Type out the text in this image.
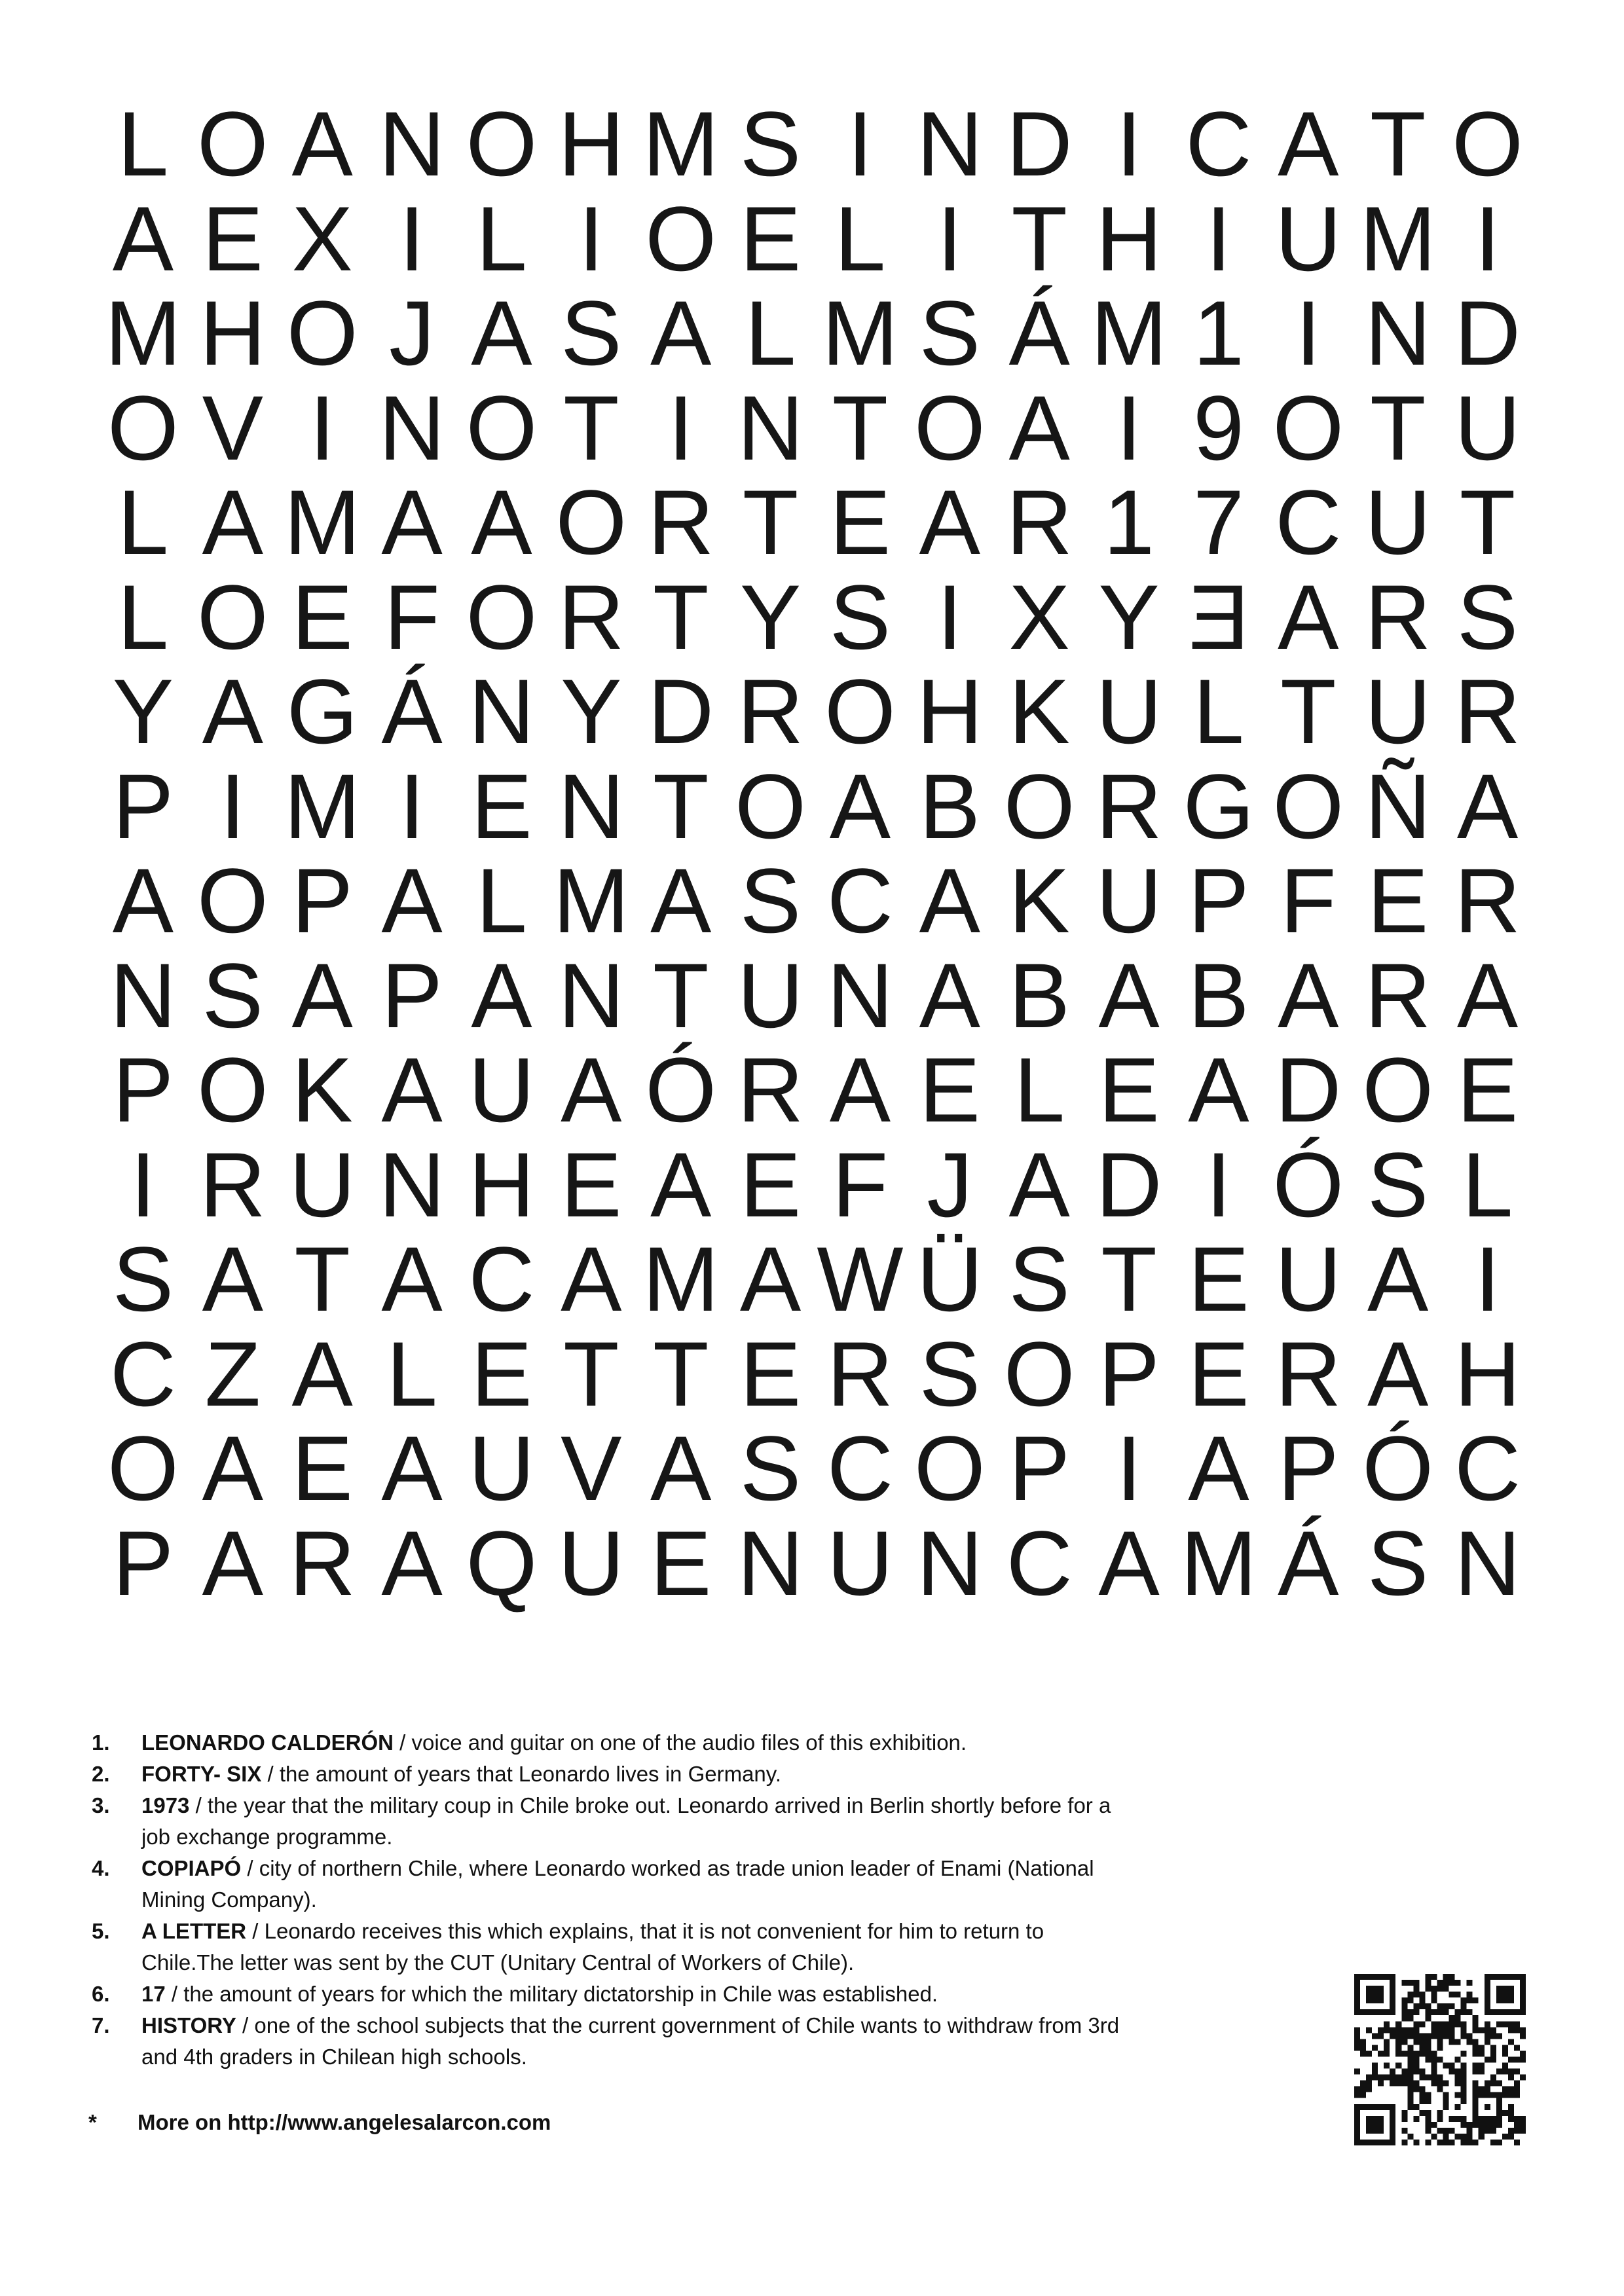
L O A N O H M S I N D I C A T O
A E X I L I O E L I T H I U M I
M H O J A S A L M S Á M 1 I N D
O V I N O T I N T O A I 9 O T U
L A M A A O R T E A R 1 7 C U T
L O E F O R T Y S I X Y E A R S
Y A G Á N Y D R O H K U L T U R
P I M I E N T O A B O R G O Ñ A
A O P A L M A S C A K U P F E R
N S A P A N T U N A B A B A R A
P O K A U A Ó R A E L E A D O E
I R U N H E A E F J A D I Ó S L
S A T A C A M A W Ü S T E U A I
C Z A L E T T E R S O P E R A H
O A E A U V A S C O P I A P Ó C
P A R A Q U E N U N C A M Á S N
1. LEONARDO CALDERÓN / voice and guitar on one of the audio files of this exhibition.
2. FORTY- SIX / the amount of years that Leonardo lives in Germany.
3. 1973 / the year that the military coup in Chile broke out. Leonardo arrived in Berlin shortly before for a job exchange programme.
4. COPIAPÓ / city of northern Chile, where Leonardo worked as trade union leader of Enami (National Mining Company).
5. A LETTER / Leonardo receives this which explains, that it is not convenient for him to return to Chile.The letter was sent by the CUT (Unitary Central of Workers of Chile).
6. 17 / the amount of years for which the military dictatorship in Chile was established.
7. HISTORY / one of the school subjects that the current government of Chile wants to withdraw from 3rd and 4th graders in Chilean high schools.
* More on http://www.angelesalarcon.com
